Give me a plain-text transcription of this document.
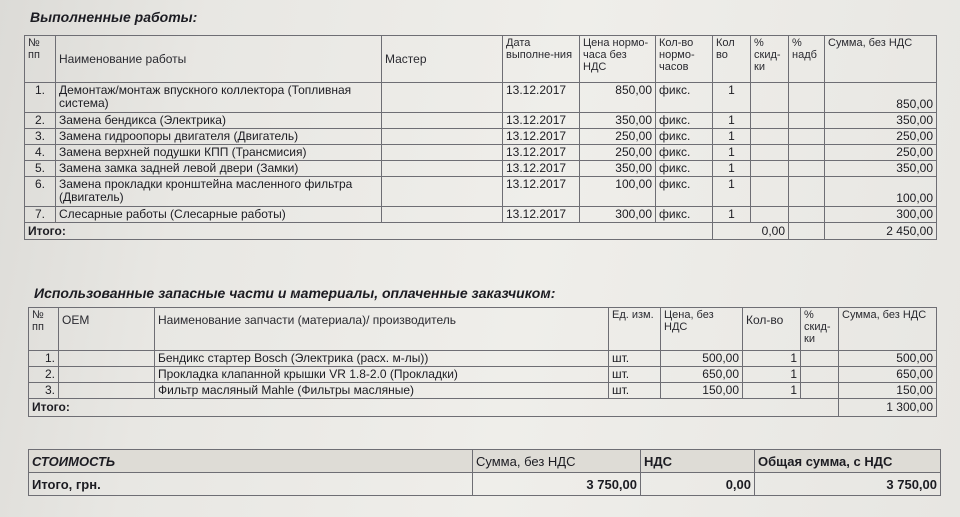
Выполненные работы:
№ пп	Наименование работы	Мастер	Дата выполне-ния	Цена нормо-часа без НДС	Кол-во нормо-часов	Кол во	% скид-ки	% надб	Сумма, без НДС
1.	Демонтаж/монтаж впускного коллектора (Топливная система)		13.12.2017	850,00	фикс.	1			850,00
2.	Замена бендикса (Электрика)		13.12.2017	350,00	фикс.	1			350,00
3.	Замена гидроопоры двигателя (Двигатель)		13.12.2017	250,00	фикс.	1			250,00
4.	Замена верхней подушки КПП (Трансмисия)		13.12.2017	250,00	фикс.	1			250,00
5.	Замена замка задней левой двери (Замки)		13.12.2017	350,00	фикс.	1			350,00
6.	Замена прокладки кронштейна масленного фильтра (Двигатель)		13.12.2017	100,00	фикс.	1			100,00
7.	Слесарные работы (Слесарные работы)		13.12.2017	300,00	фикс.	1			300,00
Итого:						0,00			2 450,00
Использованные запасные части и материалы, оплаченные заказчиком:
№ пп	OEM	Наименование запчасти (материала)/ производитель	Ед. изм.	Цена, без НДС	Кол-во	% скид-ки	Сумма, без НДС
1.		Бендикс стартер Bosch (Электрика (расх. м-лы))	шт.	500,00	1		500,00
2.		Прокладка клапанной крышки VR 1.8-2.0 (Прокладки)	шт.	650,00	1		650,00
3.		Фильтр масляный Mahle (Фильтры масляные)	шт.	150,00	1		150,00
Итого:							1 300,00
СТОИМОСТЬ	Сумма, без НДС	НДС	Общая сумма, с НДС
Итого, грн.	3 750,00	0,00	3 750,00
